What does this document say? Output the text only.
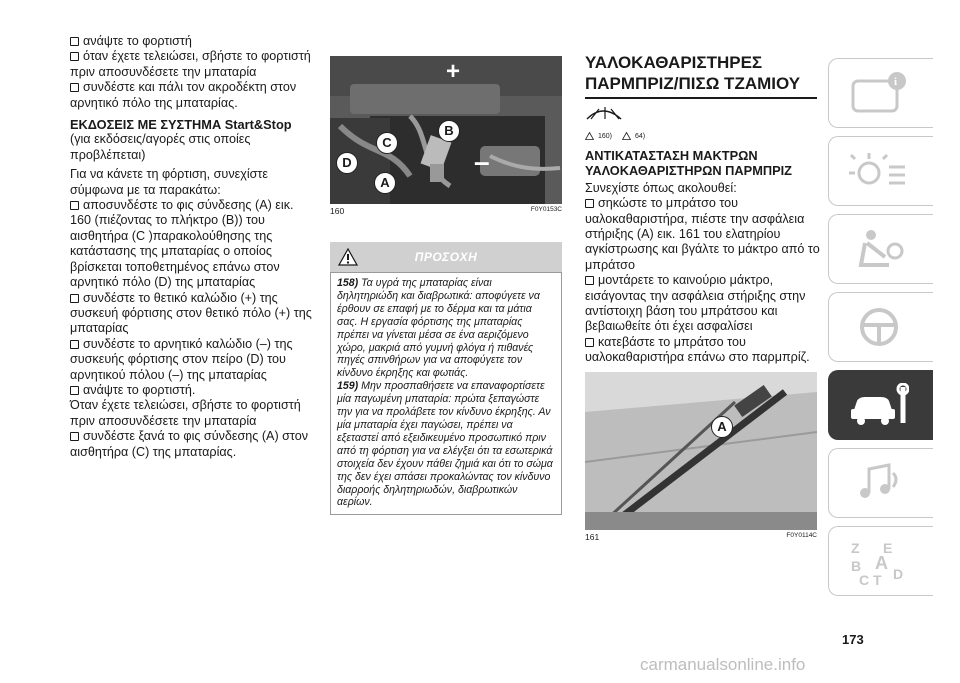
ανάψτε το φορτιστή

όταν έχετε τελειώσει, σβήστε το φορτιστή πριν αποσυνδέσετε την μπαταρία

συνδέστε και πάλι τον ακροδέκτη στον αρνητικό πόλο της μπαταρίας.

ΕΚΔΟΣΕΙΣ ΜΕ ΣΥΣΤΗΜΑ Start&Stop

(για εκδόσεις/αγορές στις οποίες προβλέπεται)

Για να κάνετε τη φόρτιση, συνεχίστε σύμφωνα με τα παρακάτω:

αποσυνδέστε το φις σύνδεσης (A) εικ. 160 (πιέζοντας το πλήκτρο (B)) του αισθητήρα (C )παρακολούθησης της κατάστασης της μπαταρίας ο οποίος βρίσκεται τοποθετημένος επάνω στον αρνητικό πόλο (D) της μπαταρίας

συνδέστε το θετικό καλώδιο (+) της συσκευή φόρτισης στον θετικό πόλο (+) της μπαταρίας

συνδέστε το αρνητικό καλώδιο (–) της συσκευής φόρτισης στον πείρο (D) του αρνητικού πόλου (–) της μπαταρίας

ανάψτε το φορτιστή.

Όταν έχετε τελειώσει, σβήστε το φορτιστή πριν αποσυνδέσετε την μπαταρία

συνδέστε ξανά το φις σύνδεσης (A) στον αισθητήρα (C) της μπαταρίας.

+
–
B
C
D
A
160	F0Y0153C
ΠΡΟΣΟΧΗ

158) Τα υγρά της μπαταρίας είναι δηλητηριώδη και διαβρωτικά: αποφύγετε να έρθουν σε επαφή με το δέρμα και τα μάτια σας. Η εργασία φόρτισης της μπαταρίας πρέπει να γίνεται μέσα σε ένα αεριζόμενο χώρο, μακριά από γυμνή φλόγα ή πιθανές πηγές σπινθήρων για να αποφύγετε τον κίνδυνο έκρηξης και φωτιάς.

159) Μην προσπαθήσετε να επαναφορτίσετε μία παγωμένη μπαταρία: πρώτα ξεπαγώστε την για να προλάβετε τον κίνδυνο έκρηξης. Αν μία μπαταρία έχει παγώσει, πρέπει να εξεταστεί από εξειδικευμένο προσωπικό πριν από τη φόρτιση για να ελέγξει ότι τα εσωτερικά στοιχεία δεν έχουν πάθει ζημιά και ότι το σώμα της δεν έχει σπάσει προκαλώντας τον κίνδυνο διαρροής δηλητηριωδών, διαβρωτικών αερίων.

ΥΑΛΟΚΑΘΑΡΙΣΤΗΡΕΣ ΠΑΡΜΠΡΙΖ/ΠΙΣΩ ΤΖΑΜΙΟΥ

160)	64)

ΑΝΤΙΚΑΤΑΣΤΑΣΗ ΜΑΚΤΡΩΝ ΥΑΛΟΚΑΘΑΡΙΣΤΗΡΩΝ ΠΑΡΜΠΡΙΖ

Συνεχίστε όπως ακολουθεί:

σηκώστε το μπράτσο του υαλοκαθαριστήρα, πιέστε την ασφάλεια στήριξης (A) εικ. 161 του ελατηρίου αγκίστρωσης και βγάλτε το μάκτρο από το μπράτσο

μοντάρετε το καινούριο μάκτρο, εισάγοντας την ασφάλεια στήριξης στην αντίστοιχη βάση του μπράτσου και βεβαιωθείτε ότι έχει ασφαλίσει

κατεβάστε το μπράτσο του υαλοκαθαριστήρα επάνω στο παρμπρίζ.

A
161	F0Y0114C
i
Z E
B A
C T D
173
carmanualsonline.info
